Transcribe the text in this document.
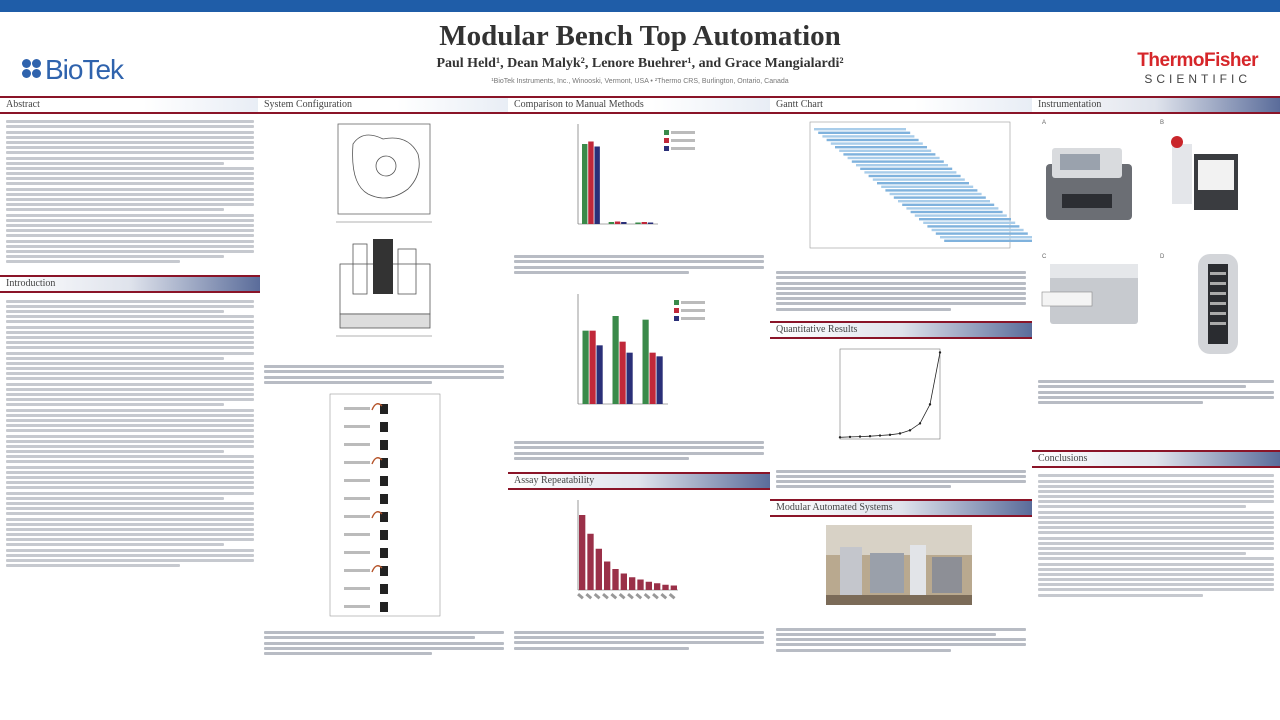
BioTek
Modular Bench Top Automation
Paul Held¹, Dean Malyk², Lenore Buehrer¹, and Grace Mangialardi²
¹BioTek Instruments, Inc., Winooski, Vermont, USA • ²Thermo CRS, Burlington, Ontario, Canada
ThermoFisher
SCIENTIFIC
Abstract
Introduction
System Configuration	Comparison to Manual Methods
Assay Repeatability
Gantt Chart
Quantitative Results
Modular Automated Systems
Instrumentation
A	B
C	D
Conclusions
